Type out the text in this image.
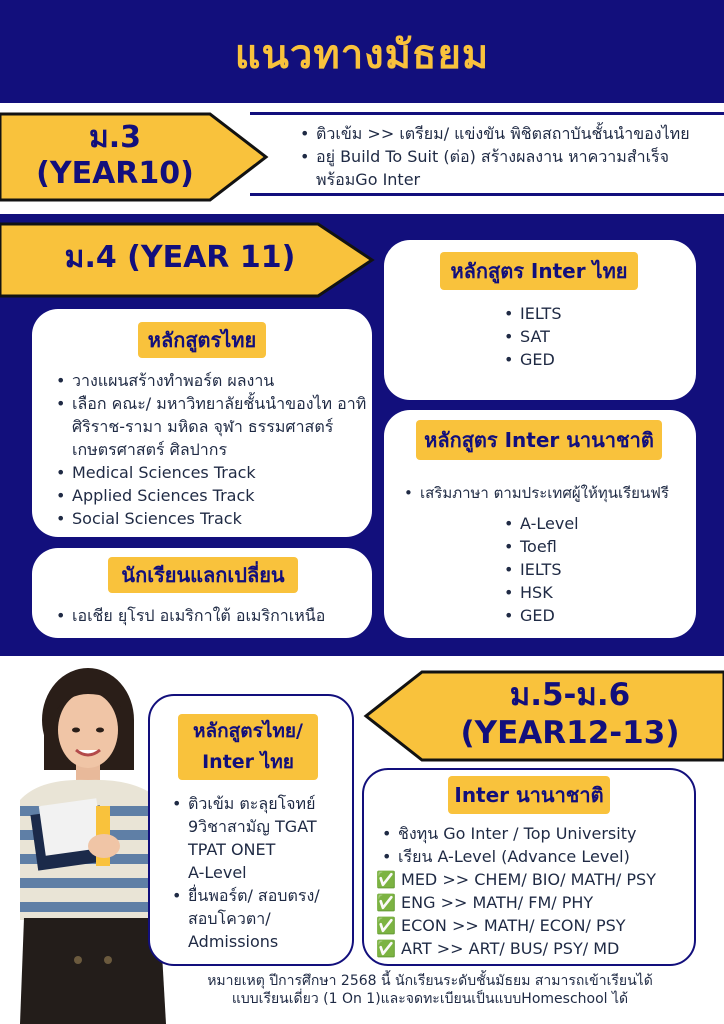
แนวทางมัธยม
ม.3
(YEAR10)
• ติวเข้ม >> เตรียม/ แข่งขัน พิชิตสถาบันชั้นนำของไทย
• อยู่ Build To Suit (ต่อ) สร้างผลงาน หาความสำเร็จ
พร้อมGo Inter
ม.4 (YEAR 11)
หลักสูตรไทย
• วางแผนสร้างทำพอร์ต ผลงาน
• เลือก คณะ/ มหาวิทยาลัยชั้นนำของไท อาทิ
ศิริราช-รามา มหิดล จุฬา ธรรมศาสตร์
เกษตรศาสตร์ ศิลปากร
• Medical Sciences Track
• Applied Sciences Track
• Social Sciences Track
นักเรียนแลกเปลี่ยน
• เอเชีย ยุโรป อเมริกาใต้ อเมริกาเหนือ
หลักสูตร Inter ไทย
• IELTS
• SAT
• GED
หลักสูตร Inter นานาชาติ
• เสริมภาษา ตามประเทศผู้ให้ทุนเรียนฟรี
• A-Level
• Toefl
• IELTS
• HSK
• GED
ม.5-ม.6
(YEAR12-13)
หลักสูตรไทย/
Inter ไทย
• ติวเข้ม ตะลุยโจทย์
9วิชาสามัญ TGAT
TPAT ONET
A-Level
• ยื่นพอร์ต/ สอบตรง/
สอบโควตา/
Admissions
Inter นานาชาติ
• ชิงทุน Go Inter / Top University
• เรียน A-Level (Advance Level)
✅ MED >> CHEM/ BIO/ MATH/ PSY
✅ ENG >> MATH/ FM/ PHY
✅ ECON >> MATH/ ECON/ PSY
✅ ART >> ART/ BUS/ PSY/ MD
หมายเหตุ ปีการศึกษา 2568 นี้ นักเรียนระดับชั้นมัธยม สามารถเข้าเรียนได้
แบบเรียนเดี่ยว (1 On 1)และจดทะเบียนเป็นแบบHomeschool ได้
